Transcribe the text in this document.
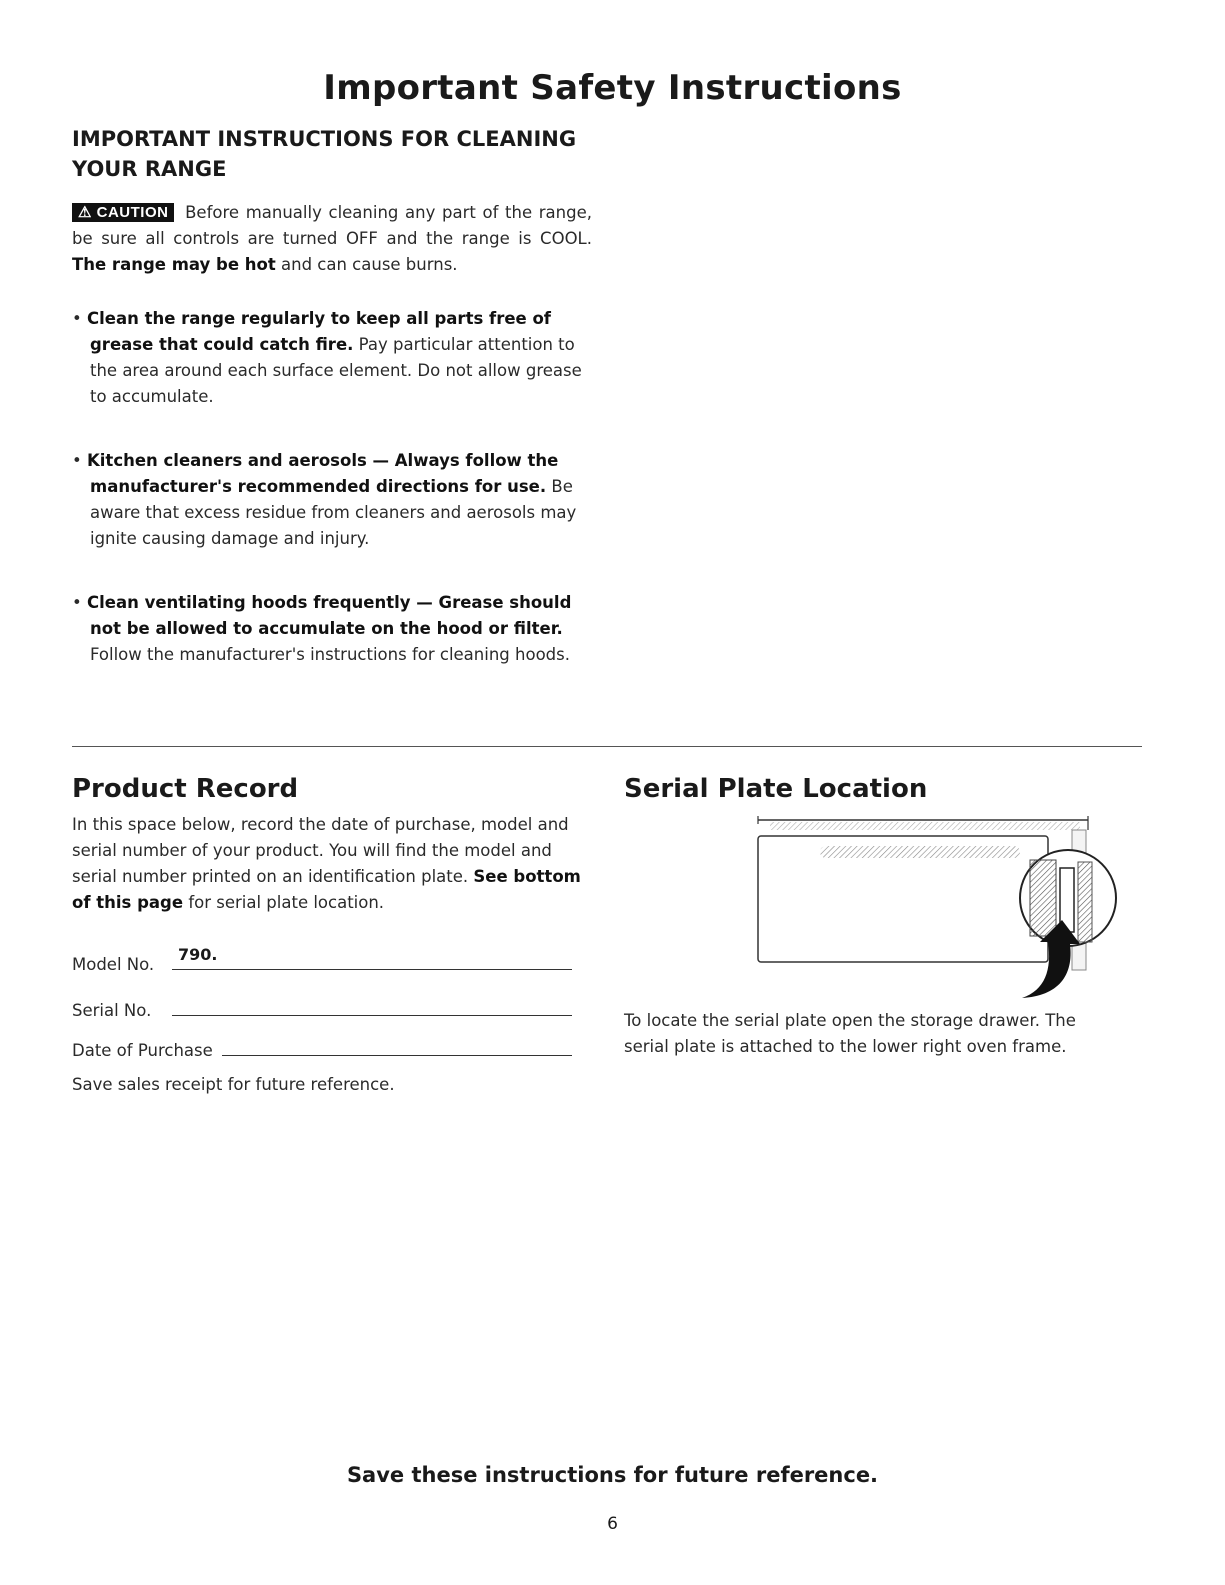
Important Safety Instructions
IMPORTANT INSTRUCTIONS FOR CLEANING
YOUR RANGE
⚠ CAUTION Before manually cleaning any part of the range, be sure all controls are turned OFF and the range is COOL. The range may be hot and can cause burns.
• Clean the range regularly to keep all parts free of grease that could catch fire. Pay particular attention to the area around each surface element. Do not allow grease to accumulate.
• Kitchen cleaners and aerosols — Always follow the manufacturer's recommended directions for use. Be aware that excess residue from cleaners and aerosols may ignite causing damage and injury.
• Clean ventilating hoods frequently — Grease should not be allowed to accumulate on the hood or filter. Follow the manufacturer's instructions for cleaning hoods.
Product Record
In this space below, record the date of purchase, model and serial number of your product. You will find the model and serial number printed on an identification plate. See bottom of this page for serial plate location.
Model No.
790.
Serial No.
Date of Purchase
Save sales receipt for future reference.
Serial Plate Location
To locate the serial plate open the storage drawer. The serial plate is attached to the lower right oven frame.
Save these instructions for future reference.
6
